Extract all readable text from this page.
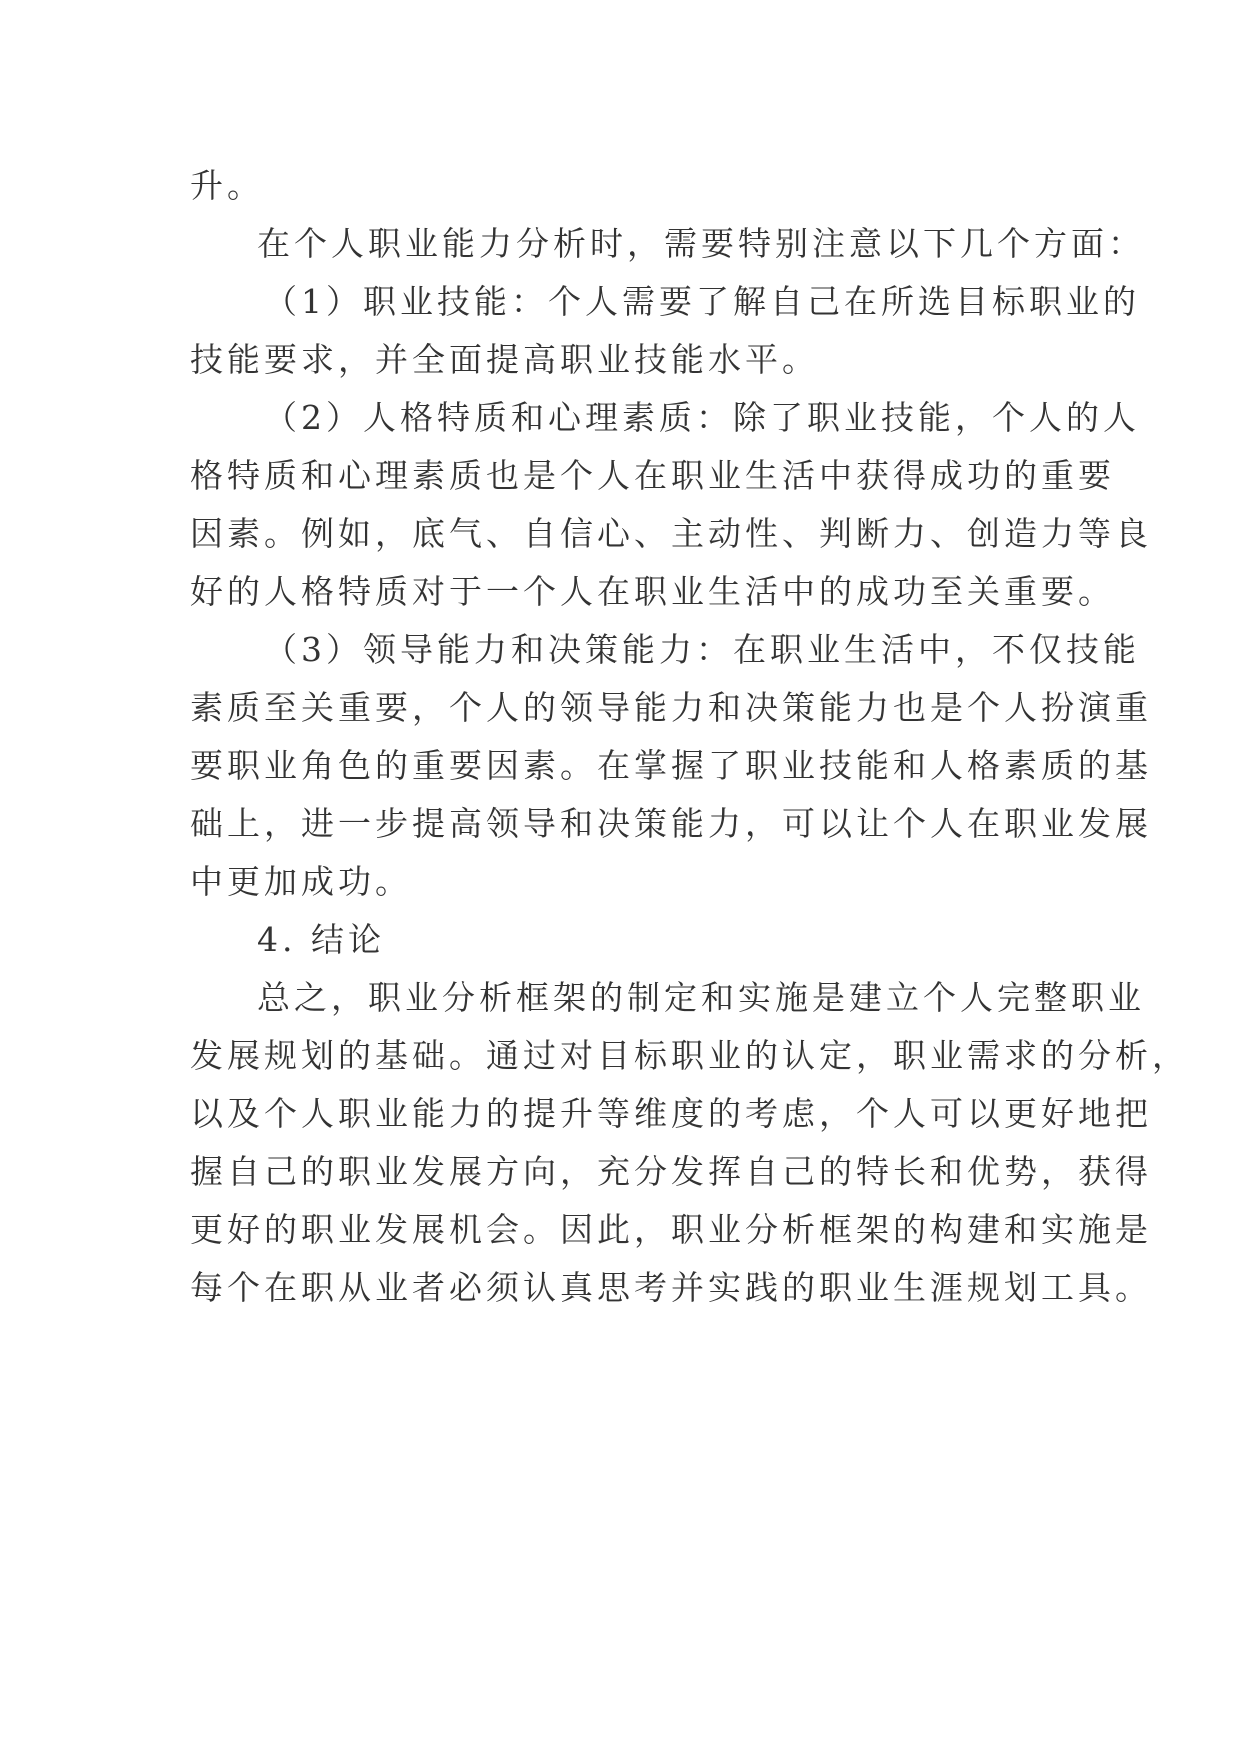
升。
在个人职业能力分析时，需要特别注意以下几个方面：
（1）职业技能：个人需要了解自己在所选目标职业的
技能要求，并全面提高职业技能水平。
（2）人格特质和心理素质：除了职业技能，个人的人
格特质和心理素质也是个人在职业生活中获得成功的重要
因素。例如，底气、自信心、主动性、判断力、创造力等良
好的人格特质对于一个人在职业生活中的成功至关重要。
（3）领导能力和决策能力：在职业生活中，不仅技能
素质至关重要，个人的领导能力和决策能力也是个人扮演重
要职业角色的重要因素。在掌握了职业技能和人格素质的基
础上，进一步提高领导和决策能力，可以让个人在职业发展
中更加成功。
4. 结论
总之，职业分析框架的制定和实施是建立个人完整职业
发展规划的基础。通过对目标职业的认定，职业需求的分析，
以及个人职业能力的提升等维度的考虑，个人可以更好地把
握自己的职业发展方向，充分发挥自己的特长和优势，获得
更好的职业发展机会。因此，职业分析框架的构建和实施是
每个在职从业者必须认真思考并实践的职业生涯规划工具。
